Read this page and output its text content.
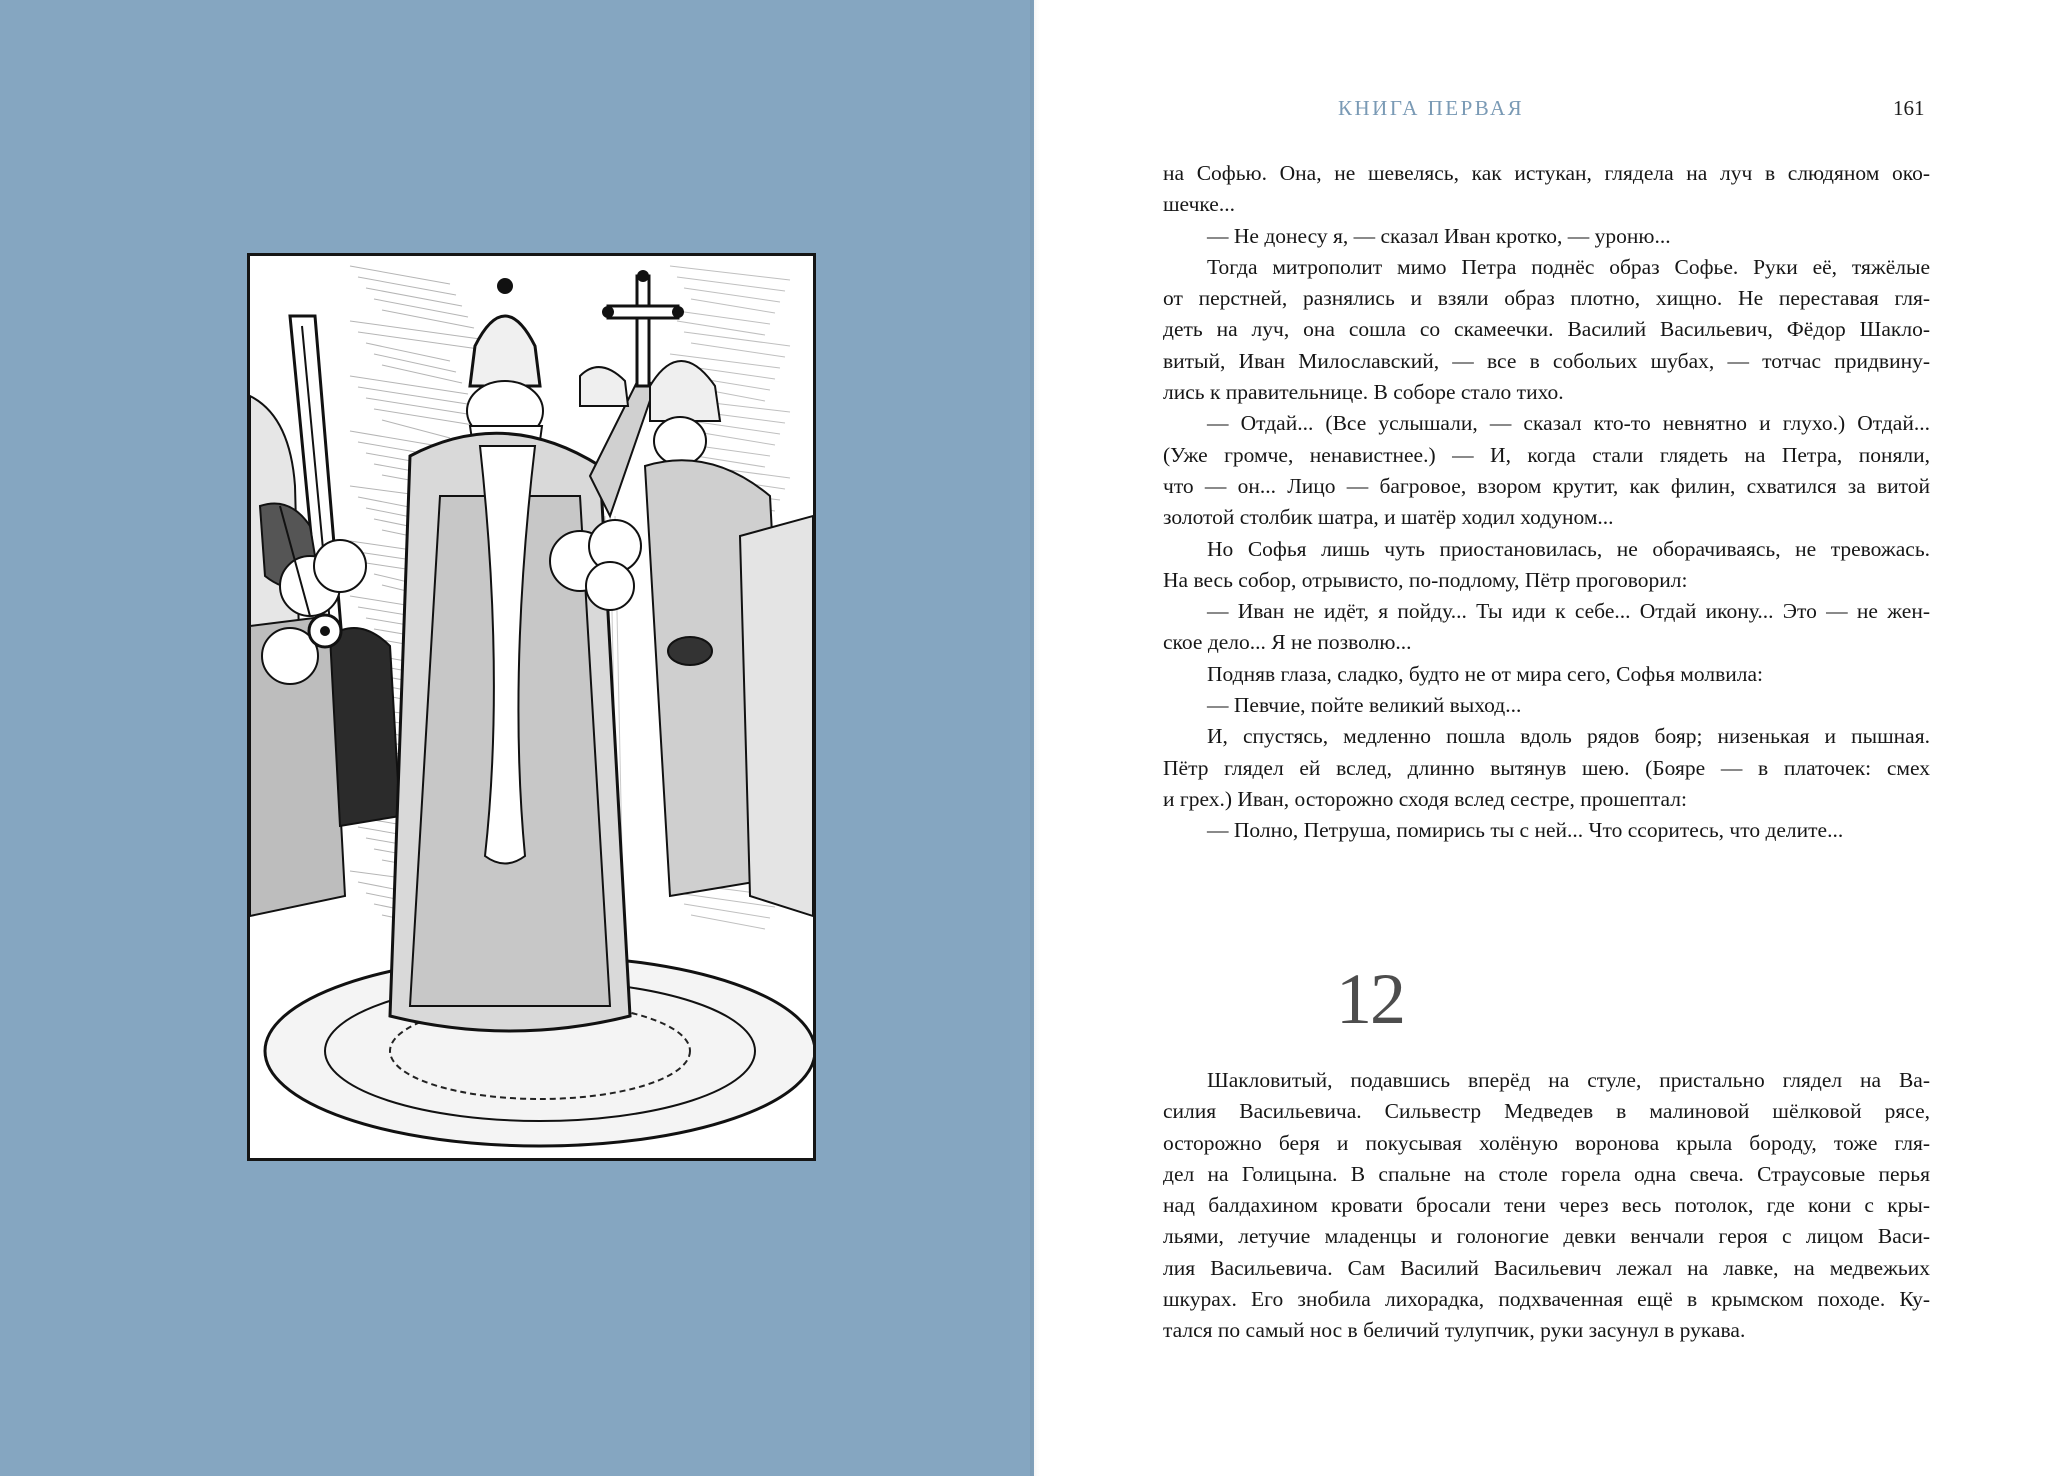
КНИГА ПЕРВАЯ	161
на Софью. Она, не шевелясь, как истукан, глядела на луч в слюдяном око-
шечке...
— Не донесу я, — сказал Иван кротко, — уроню...
Тогда митрополит мимо Петра поднёс образ Софье. Руки её, тяжёлые
от перстней, разнялись и взяли образ плотно, хищно. Не переставая гля-
деть на луч, она сошла со скамеечки. Василий Васильевич, Фёдор Шакло-
витый, Иван Милославский, — все в собольих шубах, — тотчас придвину-
лись к правительнице. В соборе стало тихо.
— Отдай... (Все услышали, — сказал кто-то невнятно и глухо.) Отдай...
(Уже громче, ненавистнее.) — И, когда стали глядеть на Петра, поняли,
что — он... Лицо — багровое, взором крутит, как филин, схватился за витой
золотой столбик шатра, и шатёр ходил ходуном...
Но Софья лишь чуть приостановилась, не оборачиваясь, не тревожась.
На весь собор, отрывисто, по-подлому, Пётр проговорил:
— Иван не идёт, я пойду... Ты иди к себе... Отдай икону... Это — не жен-
ское дело... Я не позволю...
Подняв глаза, сладко, будто не от мира сего, Софья молвила:
— Певчие, пойте великий выход...
И, спустясь, медленно пошла вдоль рядов бояр; низенькая и пышная.
Пётр глядел ей вслед, длинно вытянув шею. (Бояре — в платочек: смех
и грех.) Иван, осторожно сходя вслед сестре, прошептал:
— Полно, Петруша, помирись ты с ней... Что ссоритесь, что делите...
12
Шакловитый, подавшись вперёд на стуле, пристально глядел на Ва-
силия Васильевича. Сильвестр Медведев в малиновой шёлковой рясе,
осторожно беря и покусывая холёную воронова крыла бороду, тоже гля-
дел на Голицына. В спальне на столе горела одна свеча. Страусовые перья
над балдахином кровати бросали тени через весь потолок, где кони с кры-
льями, летучие младенцы и голоногие девки венчали героя с лицом Васи-
лия Васильевича. Сам Василий Васильевич лежал на лавке, на медвежьих
шкурах. Его знобила лихорадка, подхваченная ещё в крымском походе. Ку-
тался по самый нос в беличий тулупчик, руки засунул в рукава.
